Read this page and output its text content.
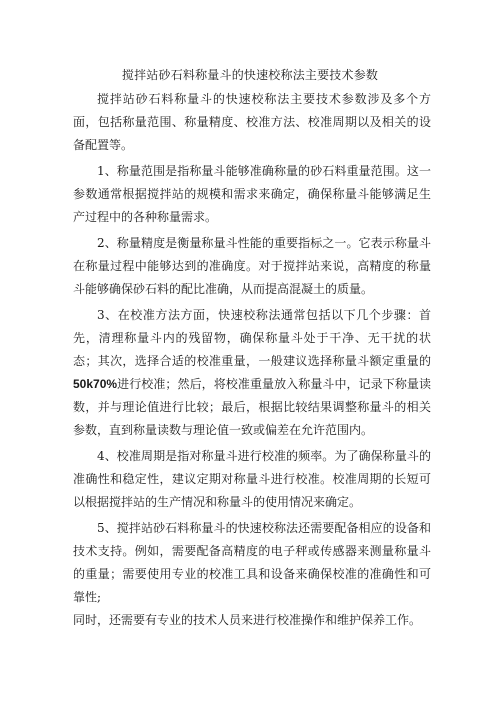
搅拌站砂石料称量斗的快速校称法主要技术参数

搅拌站砂石料称量斗的快速校称法主要技术参数涉及多个方面，包括称量范围、称量精度、校准方法、校准周期以及相关的设备配置等。

1、称量范围是指称量斗能够准确称量的砂石料重量范围。这一参数通常根据搅拌站的规模和需求来确定，确保称量斗能够满足生产过程中的各种称量需求。

2、称量精度是衡量称量斗性能的重要指标之一。它表示称量斗在称量过程中能够达到的准确度。对于搅拌站来说，高精度的称量斗能够确保砂石料的配比准确，从而提高混凝土的质量。

3、在校准方法方面，快速校称法通常包括以下几个步骤：首先，清理称量斗内的残留物，确保称量斗处于干净、无干扰的状态；其次，选择合适的校准重量，一般建议选择称量斗额定重量的50k70%进行校准；然后，将校准重量放入称量斗中，记录下称量读数，并与理论值进行比较；最后，根据比较结果调整称量斗的相关参数，直到称量读数与理论值一致或偏差在允许范围内。

4、校准周期是指对称量斗进行校准的频率。为了确保称量斗的准确性和稳定性，建议定期对称量斗进行校准。校准周期的长短可以根据搅拌站的生产情况和称量斗的使用情况来确定。

5、搅拌站砂石料称量斗的快速校称法还需要配备相应的设备和技术支持。例如，需要配备高精度的电子秤或传感器来测量称量斗的重量；需要使用专业的校准工具和设备来确保校准的准确性和可靠性;

同时，还需要有专业的技术人员来进行校准操作和维护保养工作。
